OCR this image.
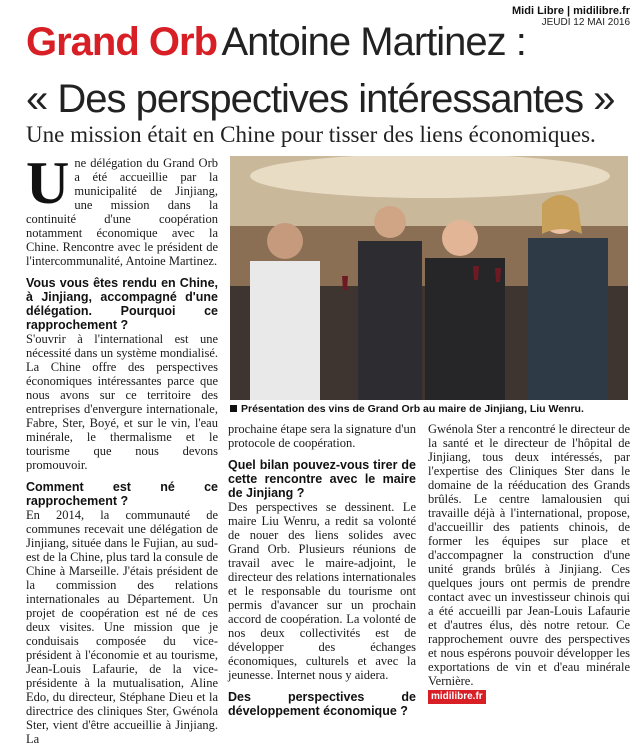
Midi Libre | midilibre.fr
JEUDI 12 MAI 2016
Grand Orb Antoine Martinez :
« Des perspectives intéressantes »
Une mission était en Chine pour tisser des liens économiques.

Une délégation du Grand Orb a été accueillie par la municipalité de Jinjiang, une mission dans la continuité d'une coopération notamment économique avec la Chine. Rencontre avec le président de l'intercommunalité, Antoine Martinez.

Vous vous êtes rendu en Chine, à Jinjiang, accompagné d'une délégation. Pourquoi ce rapprochement ?

S'ouvrir à l'international est une nécessité dans un système mondialisé. La Chine offre des perspectives économiques intéressantes parce que nous avons sur ce territoire des entreprises d'envergure internationale, Fabre, Ster, Boyé, et sur le vin, l'eau minérale, le thermalisme et le tourisme que nous devons promouvoir.

Comment est né ce rapprochement ?

En 2014, la communauté de communes recevait une délégation de Jinjiang, située dans le Fujian, au sud-est de la Chine, plus tard la consule de Chine à Marseille. J'étais président de la commission des relations internationales au Département. Un projet de coopération est né de ces deux visites. Une mission que je conduisais composée du vice-président à l'économie et au tourisme, Jean-Louis Lafaurie, de la vice-présidente à la mutualisation, Aline Edo, du directeur, Stéphane Dieu et la directrice des cliniques Ster, Gwénola Ster, vient d'être accueillie à Jinjiang. La

Présentation des vins de Grand Orb au maire de Jinjiang, Liu Wenru.

prochaine étape sera la signature d'un protocole de coopération.

Quel bilan pouvez-vous tirer de cette rencontre avec le maire de Jinjiang ?

Des perspectives se dessinent. Le maire Liu Wenru, a redit sa volonté de nouer des liens solides avec Grand Orb. Plusieurs réunions de travail avec le maire-adjoint, le directeur des relations internationales et le responsable du tourisme ont permis d'avancer sur un prochain accord de coopération. La volonté de nos deux collectivités est de développer des échanges économiques, culturels et avec la jeunesse. Internet nous y aidera.

Des perspectives de développement économique ?

Gwénola Ster a rencontré le directeur de la santé et le directeur de l'hôpital de Jinjiang, tous deux intéressés, par l'expertise des Cliniques Ster dans le domaine de la rééducation des Grands brûlés. Le centre lamalousien qui travaille déjà à l'international, propose, d'accueillir des patients chinois, de former les équipes sur place et d'accompagner la construction d'une unité grands brûlés à Jinjiang. Ces quelques jours ont permis de prendre contact avec un investisseur chinois qui a été accueilli par Jean-Louis Lafaurie et d'autres élus, dès notre retour. Ce rapprochement ouvre des perspectives et nous espérons pouvoir développer les exportations de vin et d'eau minérale Vernière.

midilibre.fr
